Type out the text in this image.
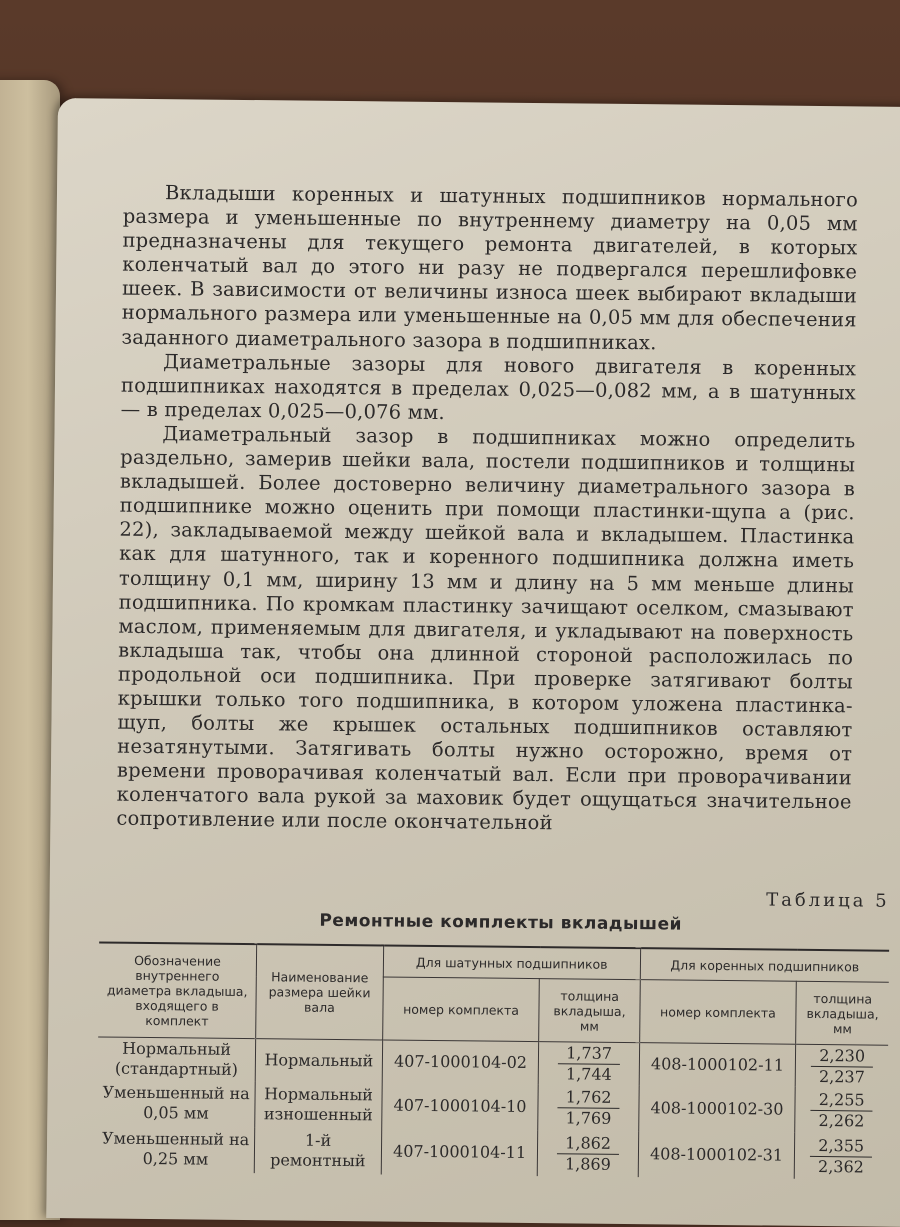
Вкладыши коренных и шатунных подшипников нормального размера и уменьшенные по внутреннему диаметру на 0,05 мм предназначены для текущего ремонта двигателей, в которых коленчатый вал до этого ни разу не подвергался перешлифовке шеек. В зависимости от величины износа шеек выбирают вкладыши нормального размера или уменьшенные на 0,05 мм для обеспечения заданного диаметрального зазора в подшипниках.

Диаметральные зазоры для нового двигателя в коренных подшипниках находятся в пределах 0,025—0,082 мм, а в шатунных — в пределах 0,025—0,076 мм.

Диаметральный зазор в подшипниках можно определить раздельно, замерив шейки вала, постели подшипников и толщины вкладышей. Более достоверно величину диаметрального зазора в подшипнике можно оценить при помощи пластинки-щупа а (рис. 22), закладываемой между шейкой вала и вкладышем. Пластинка как для шатунного, так и коренного подшипника должна иметь толщину 0,1 мм, ширину 13 мм и длину на 5 мм меньше длины подшипника. По кромкам пластинку зачищают оселком, смазывают маслом, применяемым для двигателя, и укладывают на поверхность вкладыша так, чтобы она длинной стороной расположилась по продольной оси подшипника. При проверке затягивают болты крышки только того подшипника, в котором уложена пластинка-щуп, болты же крышек остальных подшипников оставляют незатянутыми. Затягивать болты нужно осторожно, время от времени проворачивая коленчатый вал. Если при проворачивании коленчатого вала рукой за маховик будет ощущаться значительное сопротивление или после окончательной

Таблица 5
Ремонтные комплекты вкладышей
Обозначение внутреннего диаметра вкладыша, входящего в комплект	Наименование размера шейки вала	Для шатунных подшипников		Для коренных подшипников	
		номер комплекта	толщина вкладыша, мм	номер комплекта	толщина вкладыша, мм
Нормальный (стандартный)	Нормальный	407-1000104-02	$\frac{1,737}{1,744}$	408-1000102-11	$\frac{2,230}{2,237}$

Уменьшенный на 0,05 мм	Нормальный изношенный	407-1000104-10	$\frac{1,762}{1,769}$	408-1000102-30	$\frac{2,255}{2,262}$

Уменьшенный на 0,25 мм	1-й ремонтный	407-1000104-11	$\frac{1,862}{1,869}$	408-1000102-31	$\frac{2,355}{2,362}$
